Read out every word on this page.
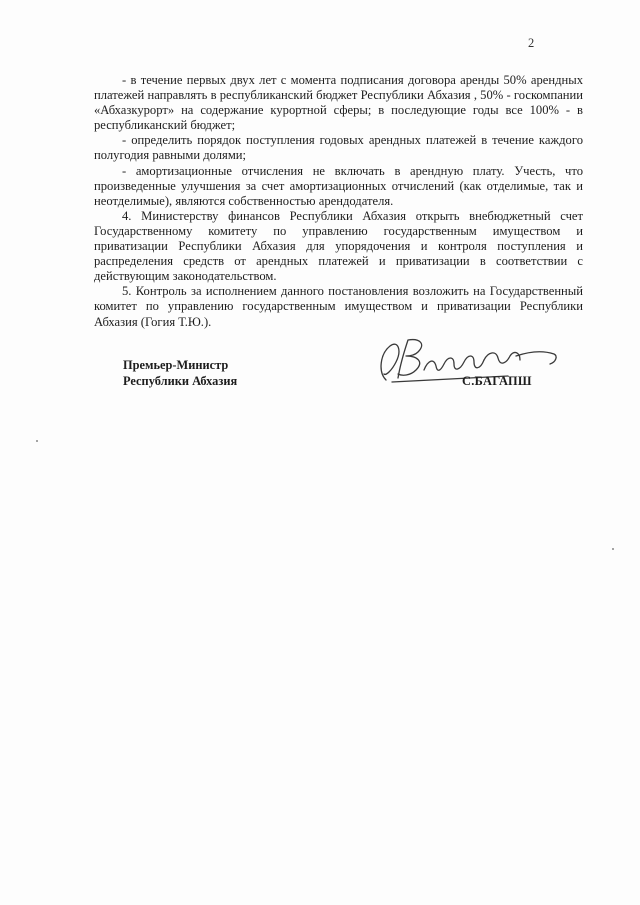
2

- в течение первых двух лет с момента подписания договора аренды 50% арендных платежей направлять в республиканский бюджет Республики Абхазия , 50% - госкомпании «Абхазкурорт» на содержание курортной сферы; в последующие годы все 100% - в республиканский бюджет;

- определить порядок поступления годовых арендных платежей в течение каждого полугодия равными долями;

- амортизационные отчисления не включать в арендную плату. Учесть, что произведенные улучшения за счет амортизационных отчислений (как отделимые, так и неотделимые), являются собственностью арендодателя.

4. Министерству финансов Республики Абхазия открыть внебюджетный счет Государственному комитету по управлению государственным имуществом и приватизации Республики Абхазия для упорядочения и контроля поступления и распределения средств от арендных платежей и приватизации в соответствии с действующим законодательством.

5. Контроль за исполнением данного постановления возложить на Государственный комитет по управлению государственным имуществом и приватизации Республики Абхазия (Гогия Т.Ю.).

Премьер-Министр
Республики Абхазия	С.БАГАПШ
